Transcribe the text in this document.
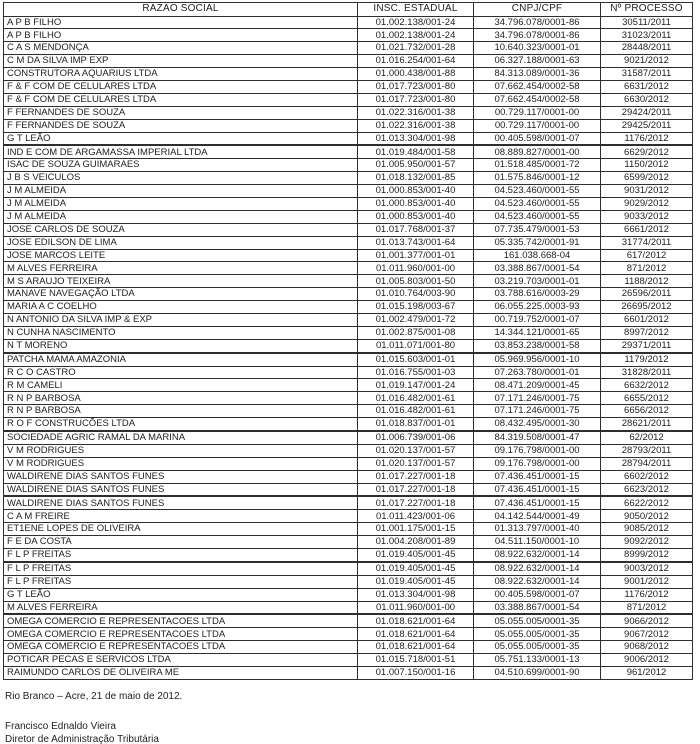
RAZÃO SOCIAL	INSC. ESTADUAL	CNPJ/CPF	Nº PROCESSO
A P B FILHO	01.002.138/001-24	34.796.078/0001-86	30511/2011
A P B FILHO	01.002.138/001-24	34.796.078/0001-86	31023/2011
C A S MENDONÇA	01.021.732/001-28	10.640.323/0001-01	28448/2011
C M DA SILVA IMP EXP	01.016.254/001-64	06.327.188/0001-63	9021/2012
CONSTRUTORA AQUARIUS LTDA	01.000.438/001-88	84.313.089/0001-36	31587/2011
F & F COM DE CELULARES LTDA	01.017.723/001-80	07.662.454/0002-58	6631/2012
F & F COM DE CELULARES LTDA	01.017.723/001-80	07.662.454/0002-58	6630/2012
F FERNANDES DE SOUZA	01.022.316/001-38	00.729.117/0001-00	29424/2011
F FERNANDES DE SOUZA	01.022.316/001-38	00.729.117/0001-00	29425/2011
G T LEÃO	01.013.304/001-98	00.405.598/0001-07	1176/2012
IND E COM DE ARGAMASSA IMPERIAL LTDA	01.019.484/001-58	08.889.827/0001-00	6629/2012
ISAC DE SOUZA GUIMARAES	01.005.950/001-57	01.518.485/0001-72	1150/2012
J B S VEICULOS	01.018.132/001-85	01.575.846/0001-12	6599/2012
J M ALMEIDA	01.000.853/001-40	04.523.460/0001-55	9031/2012
J M ALMEIDA	01.000.853/001-40	04.523.460/0001-55	9029/2012
J M ALMEIDA	01.000.853/001-40	04.523.460/0001-55	9033/2012
JOSE CARLOS DE SOUZA	01.017.768/001-37	07.735.479/0001-53	6661/2012
JOSE EDILSON DE LIMA	01.013.743/001-64	05.335.742/0001-91	31774/2011
JOSE MARCOS LEITE	01.001.377/001-01	161.038.668-04	617/2012
M ALVES FERREIRA	01.011.960/001-00	03.388.867/0001-54	871/2012
M S ARAUJO TEIXEIRA	01.005.803/001-50	03.219.703/0001-01	1188/2012
MANAVE NAVEGAÇÃO LTDA	01.010.764/003-90	03.788.616/0003-29	26596/2011
MARIA A C COELHO	01.015.198/003-67	06.055.225.0003-93	26695/2012
N ANTONIO DA SILVA IMP & EXP	01.002.479/001-72	00.719.752/0001-07	6601/2012
N CUNHA NASCIMENTO	01.002.875/001-08	14.344.121/0001-65	8997/2012
N T MORENO	01.011.071/001-80	03.853.238/0001-58	29371/2011
PATCHA MAMA AMAZONIA	01.015.603/001-01	05.969.956/0001-10	1179/2012
R C O CASTRO	01.016.755/001-03	07.263.780/0001-01	31828/2011
R M CAMELI	01.019.147/001-24	08.471.209/0001-45	6632/2012
R N P BARBOSA	01.016.482/001-61	07.171.246/0001-75	6655/2012
R N P BARBOSA	01.016.482/001-61	07.171.246/0001-75	6656/2012
R O F CONSTRUCÕES LTDA	01.018.837/001-01	08.432.495/0001-30	28621/2011
SOCIEDADE AGRIC RAMAL DA MARINA	01.006.739/001-06	84.319.508/0001-47	62/2012
V M RODRIGUES	01.020.137/001-57	09.176.798/0001-00	28793/2011
V M RODRIGUES	01.020.137/001-57	09.176.798/0001-00	28794/2011
WALDIRENE DIAS SANTOS FUNES	01.017.227/001-18	07.436.451/0001-15	6602/2012
WALDIRENE DIAS SANTOS FUNES	01.017.227/001-18	07.436.451/0001-15	6623/2012
WALDIRENE DIAS SANTOS FUNES	01.017.227/001-18	07.436.451/0001-15	6622/2012
C A M FREIRE	01.011.423/001-06	04.142.544/0001-49	9050/2012
ET1ENE LOPES DE OLIVEIRA	01.001.175/001-15	01.313.797/0001-40	9085/2012
F E DA COSTA	01.004.208/001-89	04.511.150/0001-10	9092/2012
F L P FREITAS	01.019.405/001-45	08.922.632/0001-14	8999/2012
F L P FREITAS	01.019.405/001-45	08.922.632/0001-14	9003/2012
F L P FREITAS	01.019.405/001-45	08.922.632/0001-14	9001/2012
G T LEÃO	01.013.304/001-98	00.405.598/0001-07	1176/2012
M ALVES FERREIRA	01.011.960/001-00	03.388.867/0001-54	871/2012
OMEGA COMERCIO E REPRESENTACOES LTDA	01.018.621/001-64	05.055.005/0001-35	9066/2012
OMEGA COMERCIO E REPRESENTACOES LTDA	01.018.621/001-64	05.055.005/0001-35	9067/2012
OMEGA COMERCIO E REPRESENTACOES LTDA	01.018.621/001-64	05.055.005/0001-35	9068/2012
POTICAR PECAS E SERVICOS LTDA	01.015.718/001-51	05.751.133/0001-13	9006/2012
RAIMUNDO CARLOS DE OLIVEIRA ME	01.007.150/001-16	04.510.699/0001-90	961/2012
Rio Branco – Acre, 21 de maio de 2012.
Francisco Ednaldo Vieira
Diretor de Administração Tributária
